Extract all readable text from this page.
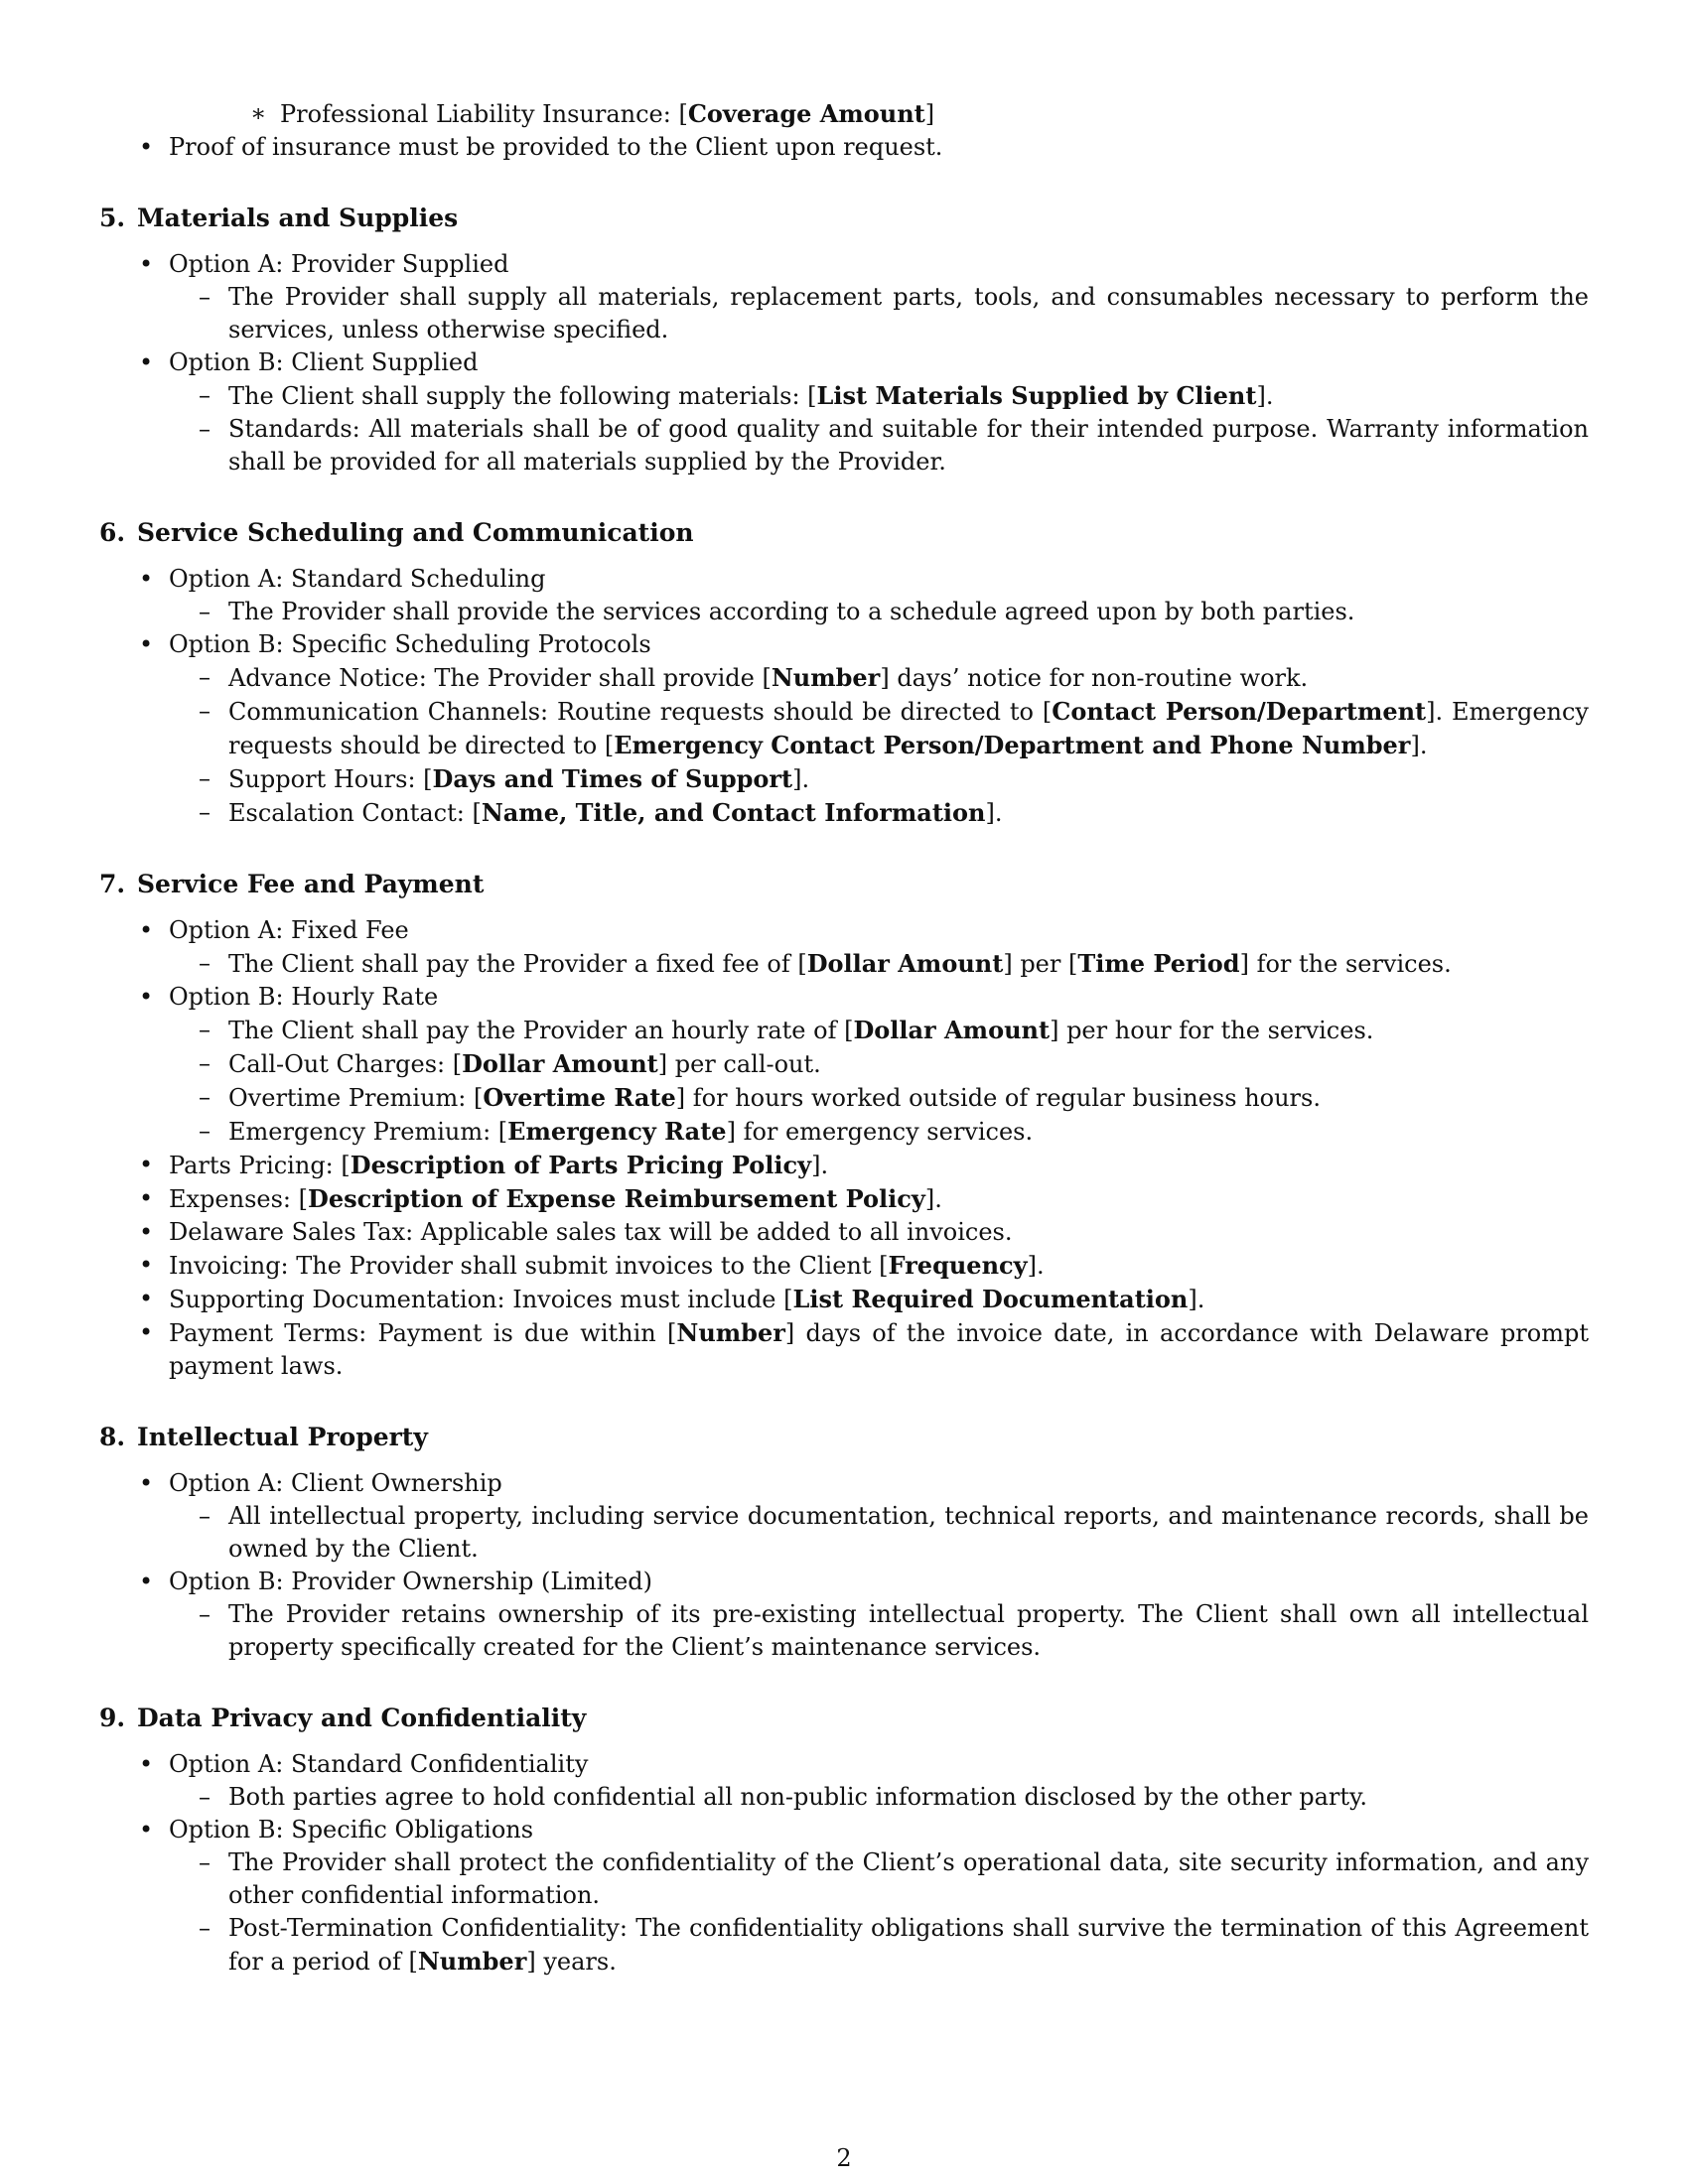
∗ Professional Liability Insurance: [Coverage Amount]

• Proof of insurance must be provided to the Client upon request.

5. Materials and Supplies

• Option A: Provider Supplied

– The Provider shall supply all materials, replacement parts, tools, and consumables necessary to perform the services, unless otherwise specified.

• Option B: Client Supplied

– The Client shall supply the following materials: [List Materials Supplied by Client].

– Standards: All materials shall be of good quality and suitable for their intended purpose. Warranty information shall be provided for all materials supplied by the Provider.

6. Service Scheduling and Communication

• Option A: Standard Scheduling

– The Provider shall provide the services according to a schedule agreed upon by both parties.

• Option B: Specific Scheduling Protocols

– Advance Notice: The Provider shall provide [Number] days’ notice for non-routine work.

– Communication Channels: Routine requests should be directed to [Contact Person/Department]. Emergency requests should be directed to [Emergency Contact Person/Department and Phone Number].

– Support Hours: [Days and Times of Support].

– Escalation Contact: [Name, Title, and Contact Information].

7. Service Fee and Payment

• Option A: Fixed Fee

– The Client shall pay the Provider a fixed fee of [Dollar Amount] per [Time Period] for the services.

• Option B: Hourly Rate

– The Client shall pay the Provider an hourly rate of [Dollar Amount] per hour for the services.

– Call-Out Charges: [Dollar Amount] per call-out.

– Overtime Premium: [Overtime Rate] for hours worked outside of regular business hours.

– Emergency Premium: [Emergency Rate] for emergency services.

• Parts Pricing: [Description of Parts Pricing Policy].

• Expenses: [Description of Expense Reimbursement Policy].

• Delaware Sales Tax: Applicable sales tax will be added to all invoices.

• Invoicing: The Provider shall submit invoices to the Client [Frequency].

• Supporting Documentation: Invoices must include [List Required Documentation].

• Payment Terms: Payment is due within [Number] days of the invoice date, in accordance with Delaware prompt payment laws.

8. Intellectual Property

• Option A: Client Ownership

– All intellectual property, including service documentation, technical reports, and maintenance records, shall be owned by the Client.

• Option B: Provider Ownership (Limited)

– The Provider retains ownership of its pre-existing intellectual property. The Client shall own all intellectual property specifically created for the Client’s maintenance services.

9. Data Privacy and Confidentiality

• Option A: Standard Confidentiality

– Both parties agree to hold confidential all non-public information disclosed by the other party.

• Option B: Specific Obligations

– The Provider shall protect the confidentiality of the Client’s operational data, site security information, and any other confidential information.

– Post-Termination Confidentiality: The confidentiality obligations shall survive the termination of this Agreement for a period of [Number] years.

2
